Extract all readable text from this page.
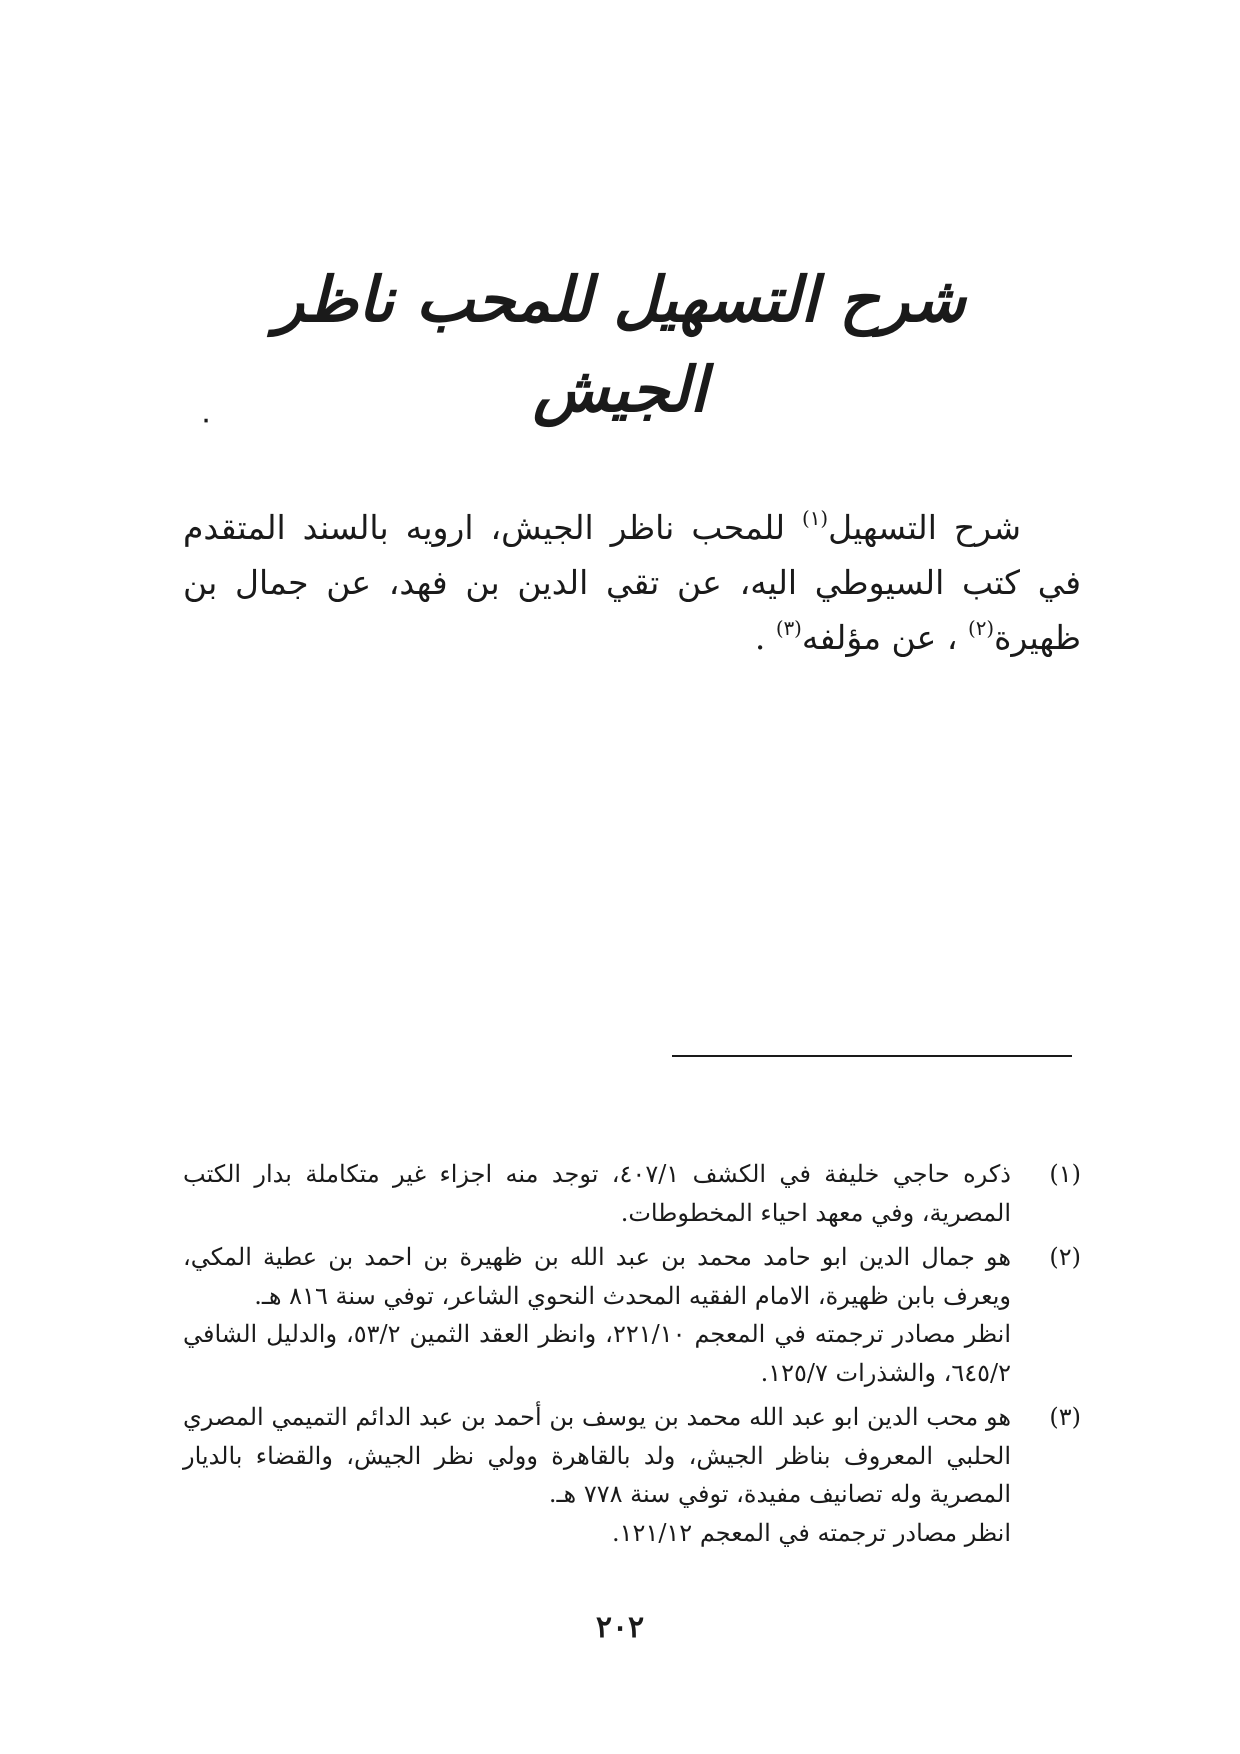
شرح التسهيل للمحب ناظر الجيش
٠
شرح التسهيل$^{(١)}$ للمحب ناظر الجيش، ارويه بالسند المتقدم في كتب السيوطي اليه، عن تقي الدين بن فهد، عن جمال بن ظهيرة$^{(٢)}$ ، عن مؤلفه$^{(٣)}$ .
(١)

ذكره حاجي خليفة في الكشف ٤٠٧/١، توجد منه اجزاء غير متكاملة بدار الكتب المصرية، وفي معهد احياء المخطوطات.

(٢)

هو جمال الدين ابو حامد محمد بن عبد الله بن ظهيرة بن احمد بن عطية المكي، ويعرف بابن ظهيرة، الامام الفقيه المحدث النحوي الشاعر، توفي سنة ٨١٦ هـ.

انظر مصادر ترجمته في المعجم ٢٢١/١٠، وانظر العقد الثمين ٥٣/٢، والدليل الشافي ٦٤٥/٢، والشذرات ١٢٥/٧.

(٣)

هو محب الدين ابو عبد الله محمد بن يوسف بن أحمد بن عبد الدائم التميمي المصري الحلبي المعروف بناظر الجيش، ولد بالقاهرة وولي نظر الجيش، والقضاء بالديار المصرية وله تصانيف مفيدة، توفي سنة ٧٧٨ هـ.

انظر مصادر ترجمته في المعجم ١٢١/١٢.

٢٠٢
